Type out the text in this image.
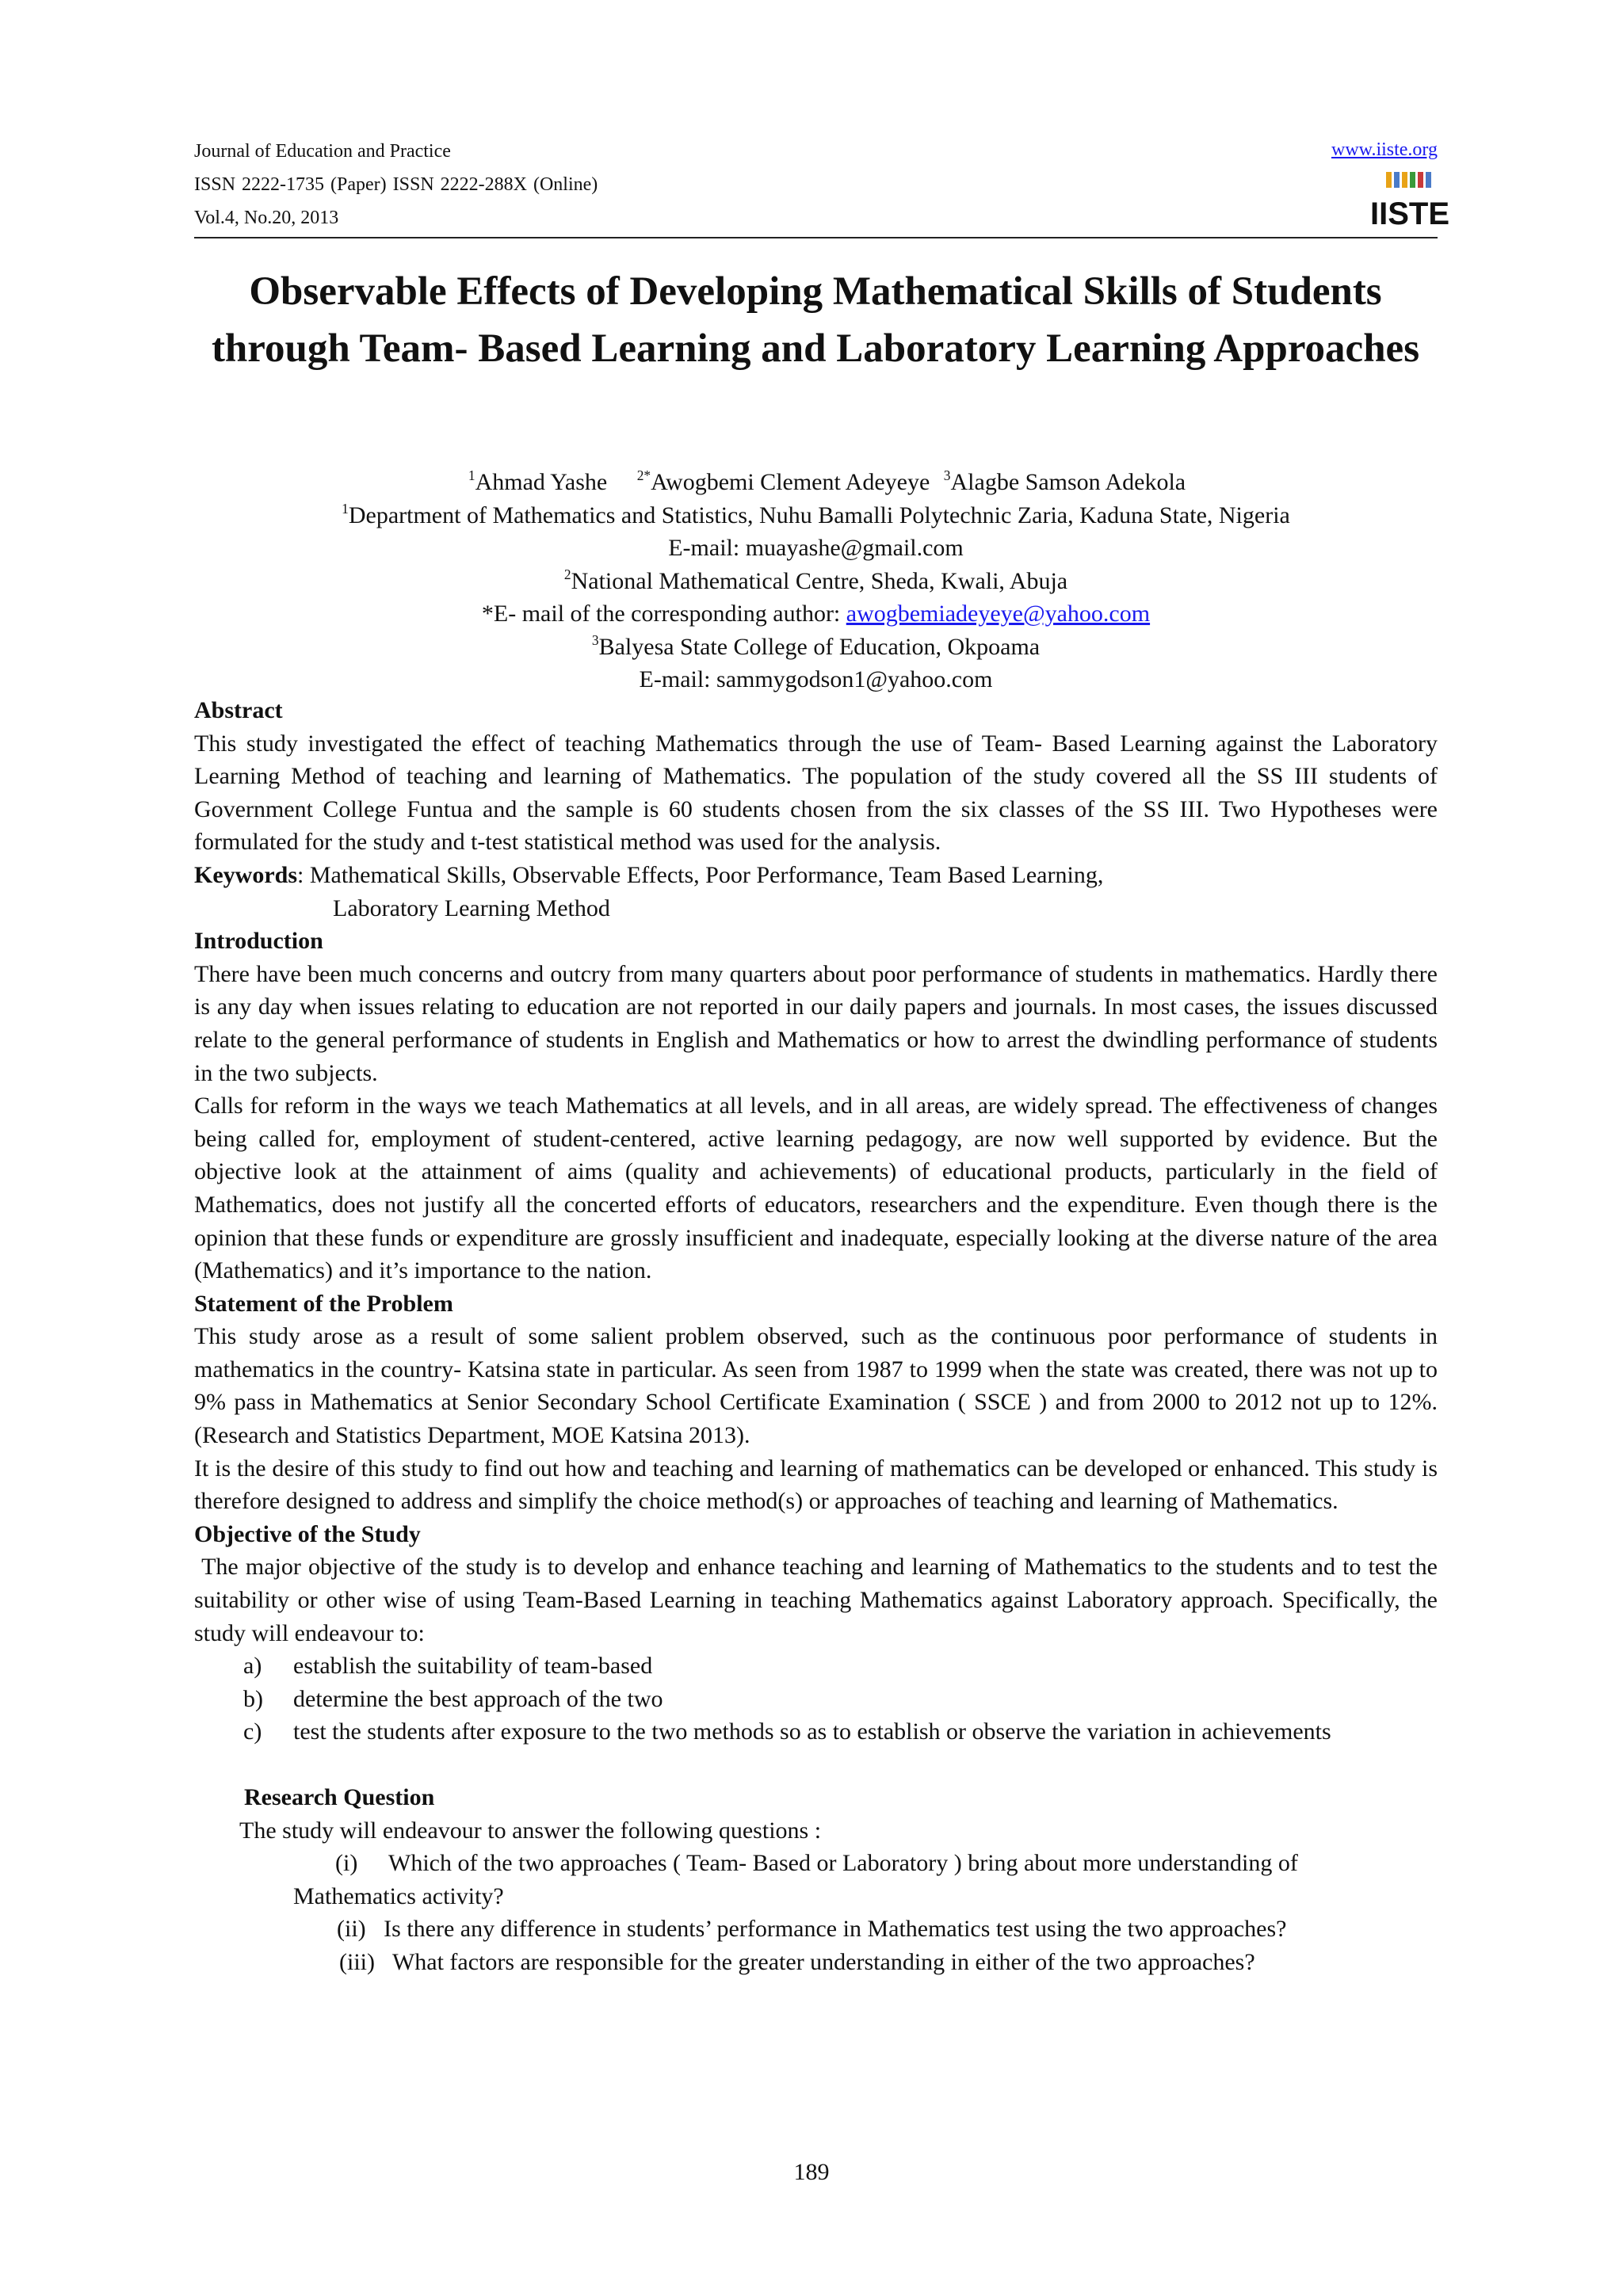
Journal of Education and Practice
ISSN 2222-1735 (Paper) ISSN 2222-288X (Online)
Vol.4, No.20, 2013
www.iiste.org
IISTE
Observable Effects of Developing Mathematical Skills of Students through Team- Based Learning and Laboratory Learning Approaches
$^1$Ahmad Yashe $^{2*}$Awogbemi Clement Adeyeye $^3$Alagbe Samson Adekola
$^1$Department of Mathematics and Statistics, Nuhu Bamalli Polytechnic Zaria, Kaduna State, Nigeria
E-mail: muayashe@gmail.com
$^2$National Mathematical Centre, Sheda, Kwali, Abuja
*E- mail of the corresponding author: awogbemiadeyeye@yahoo.com
$^3$Balyesa State College of Education, Okpoama
E-mail: sammygodson1@yahoo.com

Abstract

This study investigated the effect of teaching Mathematics through the use of Team- Based Learning against the Laboratory Learning Method of teaching and learning of Mathematics. The population of the study covered all the SS III students of Government College Funtua and the sample is 60 students chosen from the six classes of the SS III. Two Hypotheses were formulated for the study and t-test statistical method was used for the analysis.

Keywords: Mathematical Skills, Observable Effects, Poor Performance, Team Based Learning,

Laboratory Learning Method

Introduction

There have been much concerns and outcry from many quarters about poor performance of students in mathematics. Hardly there is any day when issues relating to education are not reported in our daily papers and journals. In most cases, the issues discussed relate to the general performance of students in English and Mathematics or how to arrest the dwindling performance of students in the two subjects.

Calls for reform in the ways we teach Mathematics at all levels, and in all areas, are widely spread. The effectiveness of changes being called for, employment of student-centered, active learning pedagogy, are now well supported by evidence. But the objective look at the attainment of aims (quality and achievements) of educational products, particularly in the field of Mathematics, does not justify all the concerted efforts of educators, researchers and the expenditure. Even though there is the opinion that these funds or expenditure are grossly insufficient and inadequate, especially looking at the diverse nature of the area (Mathematics) and it’s importance to the nation.

Statement of the Problem

This study arose as a result of some salient problem observed, such as the continuous poor performance of students in mathematics in the country- Katsina state in particular. As seen from 1987 to 1999 when the state was created, there was not up to 9% pass in Mathematics at Senior Secondary School Certificate Examination ( SSCE ) and from 2000 to 2012 not up to 12%. (Research and Statistics Department, MOE Katsina 2013).

It is the desire of this study to find out how and teaching and learning of mathematics can be developed or enhanced. This study is therefore designed to address and simplify the choice method(s) or approaches of teaching and learning of Mathematics.

Objective of the Study

The major objective of the study is to develop and enhance teaching and learning of Mathematics to the students and to test the suitability or other wise of using Team-Based Learning in teaching Mathematics against Laboratory approach. Specifically, the study will endeavour to:

a)	establish the suitability of team-based
b)	determine the best approach of the two
c)	test the students after exposure to the two methods so as to establish or observe the variation in achievements

Research Question

The study will endeavour to answer the following questions :

(i)	Which of the two approaches ( Team- Based or Laboratory ) bring about more understanding of

Mathematics activity?

(ii)   Is there any difference in students’ performance in Mathematics test using the two approaches?

(iii)   What factors are responsible for the greater understanding in either of the two approaches?

189
